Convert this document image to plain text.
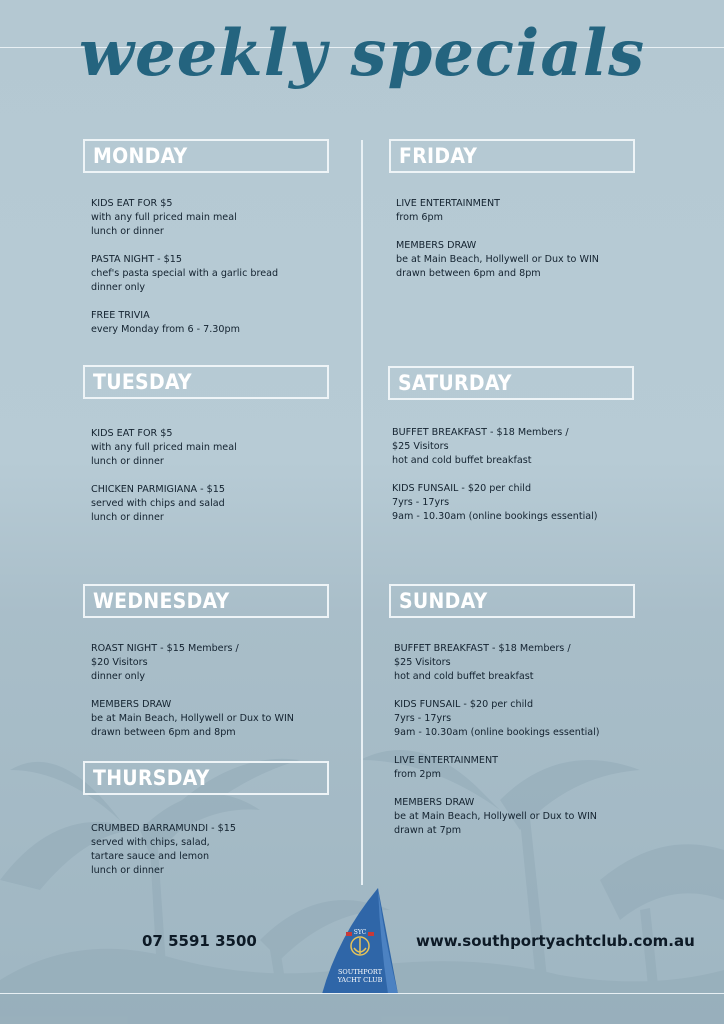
weekly specials
MONDAY
KIDS EAT FOR $5
with any full priced main meal
lunch or dinner
PASTA NIGHT - $15
chef's pasta special with a garlic bread
dinner only
FREE TRIVIA
every Monday from 6 - 7.30pm
TUESDAY
KIDS EAT FOR $5
with any full priced main meal
lunch or dinner
CHICKEN PARMIGIANA - $15
served with chips and salad
lunch or dinner
WEDNESDAY
ROAST NIGHT - $15 Members /
$20 Visitors
dinner only
MEMBERS DRAW
be at Main Beach, Hollywell or Dux to WIN
drawn between 6pm and 8pm
THURSDAY
CRUMBED BARRAMUNDI - $15
served with chips, salad,
tartare sauce and lemon
lunch or dinner
FRIDAY
LIVE ENTERTAINMENT
from 6pm
MEMBERS DRAW
be at Main Beach, Hollywell or Dux to WIN
drawn between 6pm and 8pm
SATURDAY
BUFFET BREAKFAST - $18 Members /
$25 Visitors
hot and cold buffet breakfast
KIDS FUNSAIL - $20 per child
7yrs - 17yrs
9am - 10.30am (online bookings essential)
SUNDAY
BUFFET BREAKFAST - $18 Members /
$25 Visitors
hot and cold buffet breakfast
KIDS FUNSAIL - $20 per child
7yrs - 17yrs
9am - 10.30am (online bookings essential)
LIVE ENTERTAINMENT
from 2pm
MEMBERS DRAW
be at Main Beach, Hollywell or Dux to WIN
drawn at 7pm
07 5591 3500	www.southportyachtclub.com.au
SYC
SOUTHPORT
YACHT CLUB
